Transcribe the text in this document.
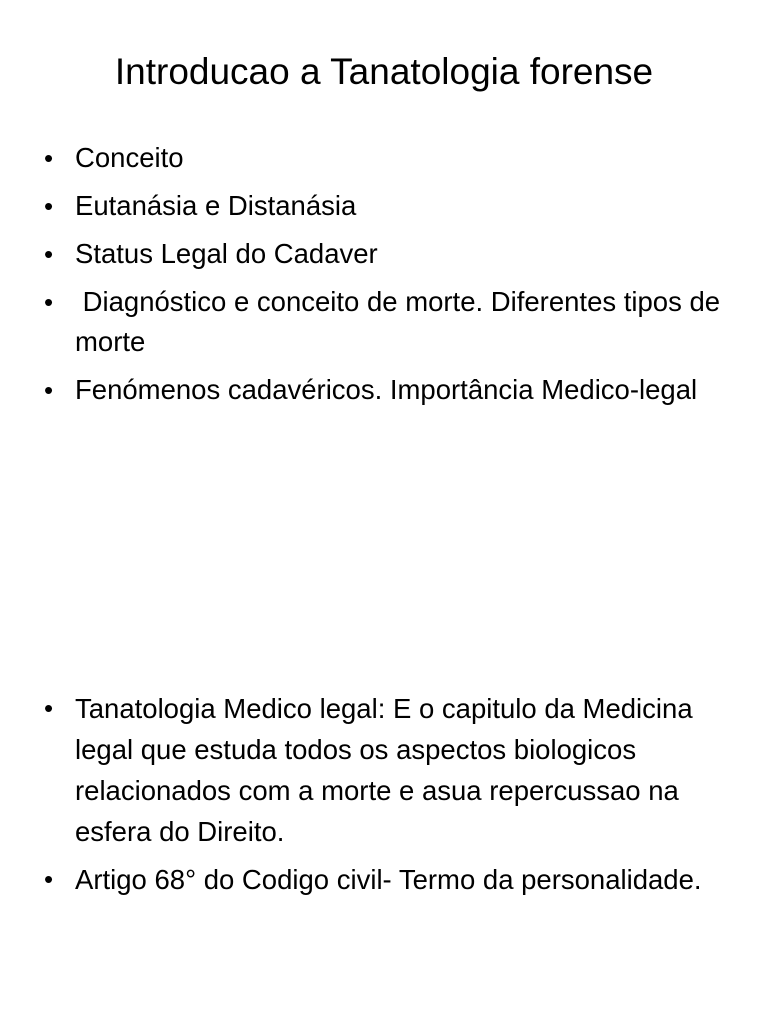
Introducao a Tanatologia forense
• Conceito
• Eutanásia e Distanásia
• Status Legal do Cadaver
• Diagnóstico e conceito de morte. Diferentes tipos de morte
• Fenómenos cadavéricos. Importância Medico-legal
• Tanatologia Medico legal: E o capitulo da Medicina legal que estuda todos os aspectos biologicos relacionados com a morte e asua repercussao na esfera do Direito.
• Artigo 68° do Codigo civil- Termo da personalidade.
